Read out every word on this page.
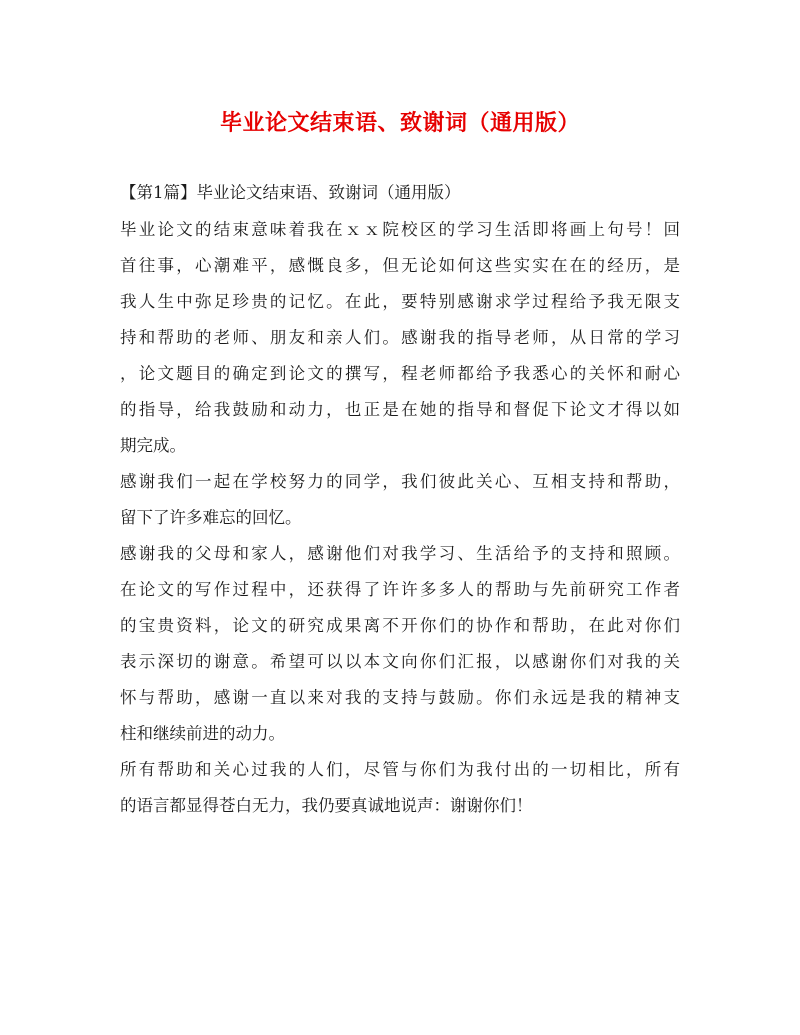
毕业论文结束语、致谢词（通用版）

【第1篇】毕业论文结束语、致谢词（通用版）

毕业论文的结束意味着我在ｘｘ院校区的学习生活即将画上句号！回

首往事，心潮难平，感慨良多，但无论如何这些实实在在的经历，是

我人生中弥足珍贵的记忆。在此，要特别感谢求学过程给予我无限支

持和帮助的老师、朋友和亲人们。感谢我的指导老师，从日常的学习

，论文题目的确定到论文的撰写，程老师都给予我悉心的关怀和耐心

的指导，给我鼓励和动力，也正是在她的指导和督促下论文才得以如

期完成。

感谢我们一起在学校努力的同学，我们彼此关心、互相支持和帮助，

留下了许多难忘的回忆。

感谢我的父母和家人，感谢他们对我学习、生活给予的支持和照顾。

在论文的写作过程中，还获得了许许多多人的帮助与先前研究工作者

的宝贵资料，论文的研究成果离不开你们的协作和帮助，在此对你们

表示深切的谢意。希望可以以本文向你们汇报，以感谢你们对我的关

怀与帮助，感谢一直以来对我的支持与鼓励。你们永远是我的精神支

柱和继续前进的动力。

所有帮助和关心过我的人们，尽管与你们为我付出的一切相比，所有

的语言都显得苍白无力，我仍要真诚地说声：谢谢你们！
